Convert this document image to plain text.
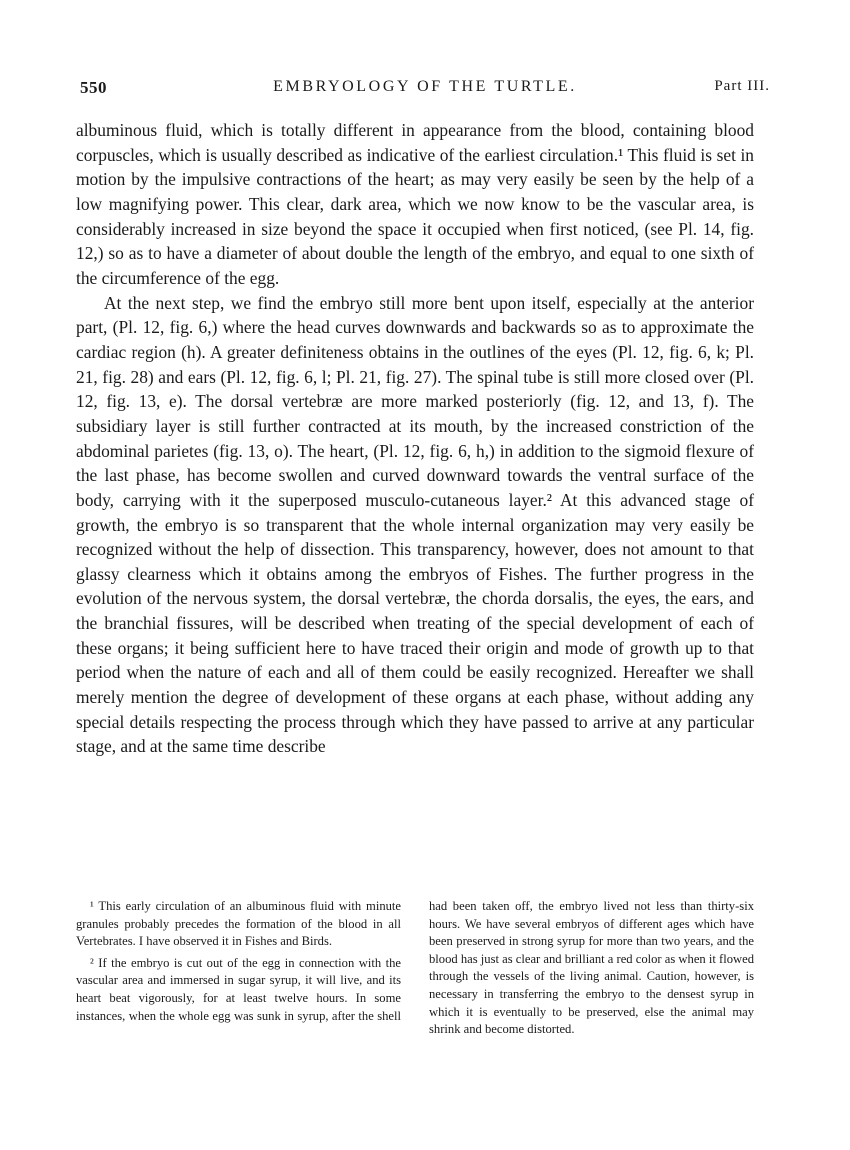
550	EMBRYOLOGY OF THE TURTLE.	Part III.

albuminous fluid, which is totally different in appearance from the blood, containing blood corpuscles, which is usually described as indicative of the earliest circulation.¹ This fluid is set in motion by the impulsive contractions of the heart; as may very easily be seen by the help of a low magnifying power. This clear, dark area, which we now know to be the vascular area, is considerably increased in size beyond the space it occupied when first noticed, (see Pl. 14, fig. 12,) so as to have a diameter of about double the length of the embryo, and equal to one sixth of the circumference of the egg.

At the next step, we find the embryo still more bent upon itself, especially at the anterior part, (Pl. 12, fig. 6,) where the head curves downwards and backwards so as to approximate the cardiac region (h). A greater definiteness obtains in the outlines of the eyes (Pl. 12, fig. 6, k; Pl. 21, fig. 28) and ears (Pl. 12, fig. 6, l; Pl. 21, fig. 27). The spinal tube is still more closed over (Pl. 12, fig. 13, e). The dorsal vertebræ are more marked posteriorly (fig. 12, and 13, f). The subsidiary layer is still further contracted at its mouth, by the increased constriction of the abdominal parietes (fig. 13, o). The heart, (Pl. 12, fig. 6, h,) in addition to the sigmoid flexure of the last phase, has become swollen and curved downward towards the ventral surface of the body, carrying with it the superposed musculo-cutaneous layer.² At this advanced stage of growth, the embryo is so transparent that the whole internal organization may very easily be recognized without the help of dissection. This transparency, however, does not amount to that glassy clearness which it obtains among the embryos of Fishes. The further progress in the evolution of the nervous system, the dorsal vertebræ, the chorda dorsalis, the eyes, the ears, and the branchial fissures, will be described when treating of the special development of each of these organs; it being sufficient here to have traced their origin and mode of growth up to that period when the nature of each and all of them could be easily recognized. Hereafter we shall merely mention the degree of development of these organs at each phase, without adding any special details respecting the process through which they have passed to arrive at any particular stage, and at the same time describe

¹ This early circulation of an albuminous fluid with minute granules probably precedes the formation of the blood in all Vertebrates. I have observed it in Fishes and Birds.

² If the embryo is cut out of the egg in connection with the vascular area and immersed in sugar syrup, it will live, and its heart beat vigorously, for at least twelve hours. In some instances, when the whole egg was sunk in syrup, after the shell had been taken off, the embryo lived not less than thirty-six hours. We have several embryos of different ages which have been preserved in strong syrup for more than two years, and the blood has just as clear and brilliant a red color as when it flowed through the vessels of the living animal. Caution, however, is necessary in transferring the embryo to the densest syrup in which it is eventually to be preserved, else the animal may shrink and become distorted.
